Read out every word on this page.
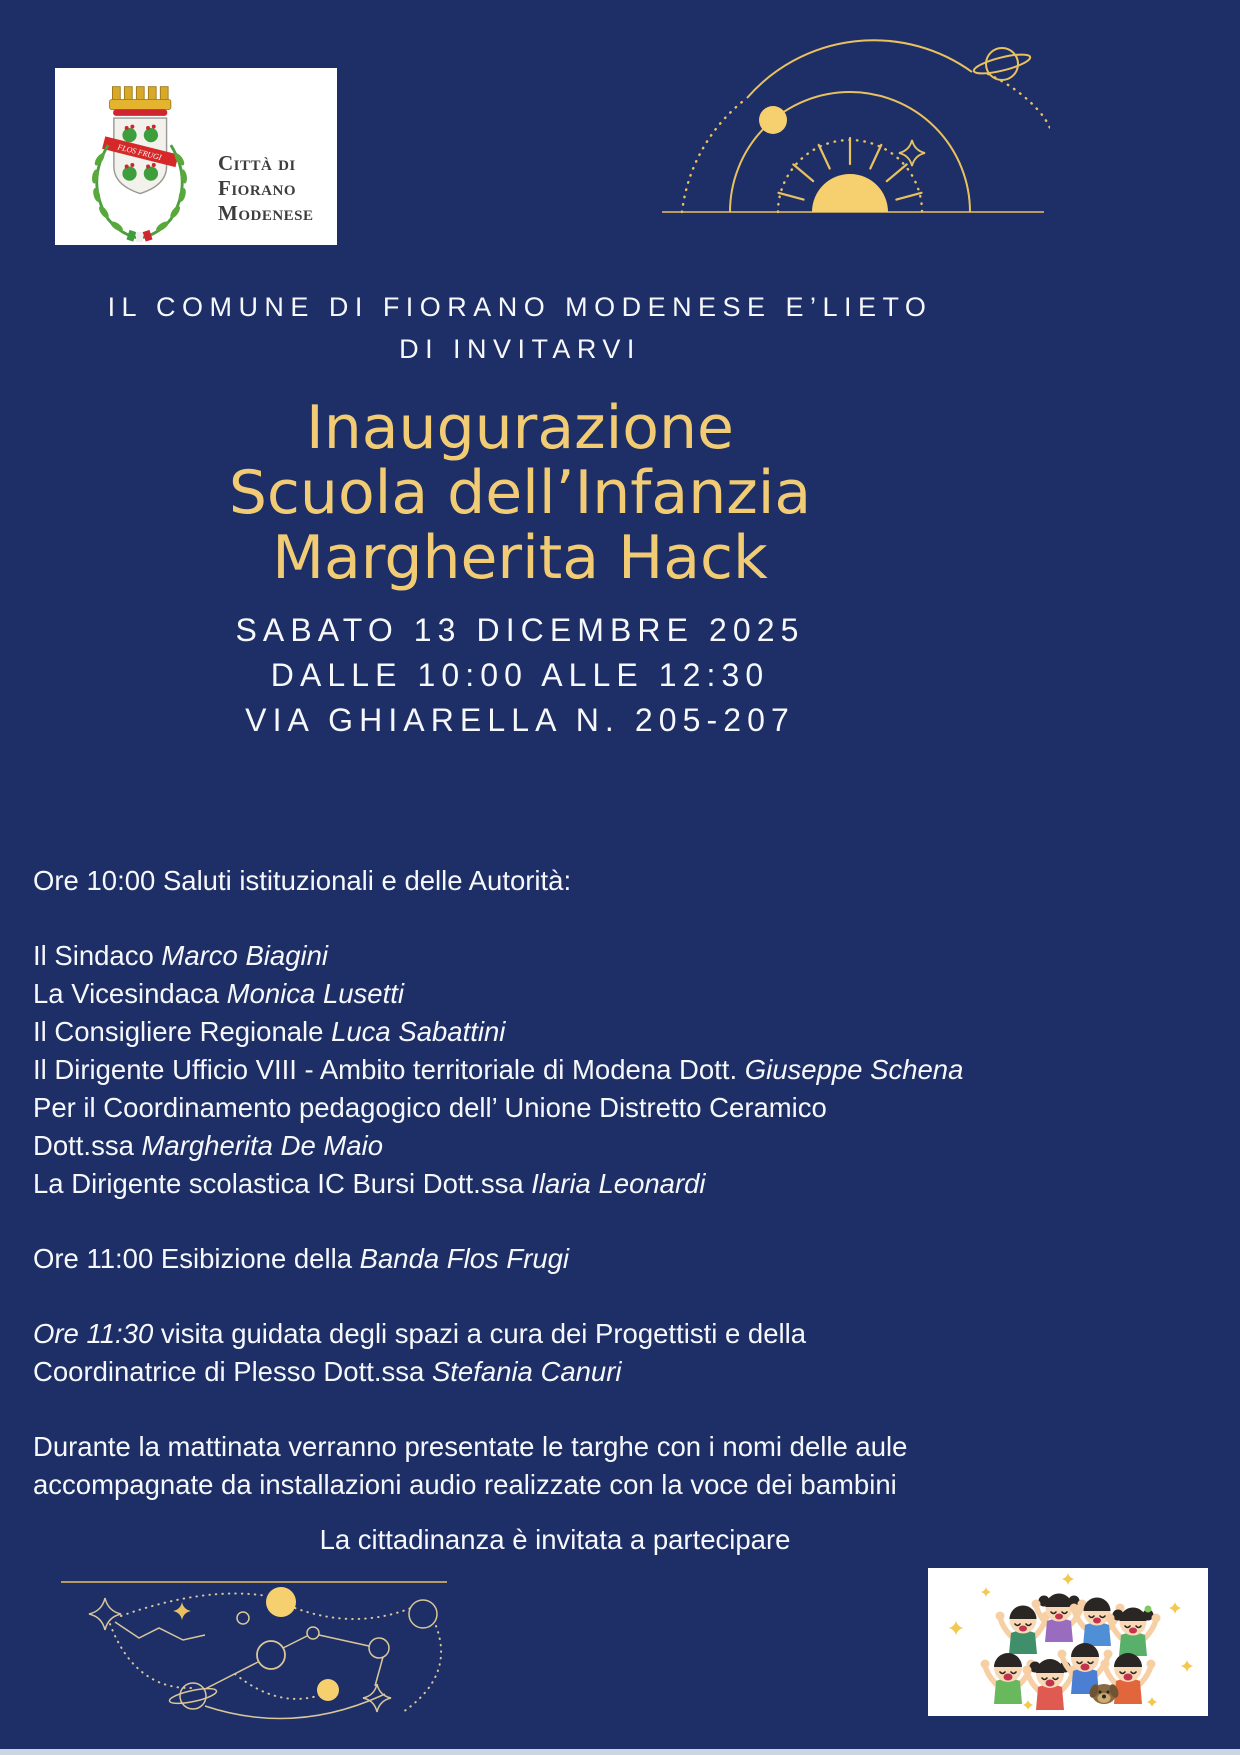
FLOS FRUGI	Città di
Fiorano
Modenese
IL COMUNE DI FIORANO MODENESE E’LIETO
DI INVITARVI
Inaugurazione
Scuola dell’Infanzia
Margherita Hack
SABATO 13 DICEMBRE 2025
DALLE 10:00 ALLE 12:30
VIA GHIARELLA N. 205-207
Ore 10:00 Saluti istituzionali e delle Autorità:
Il Sindaco Marco Biagini
La Vicesindaca Monica Lusetti
Il Consigliere Regionale Luca Sabattini
Il Dirigente Ufficio VIII - Ambito territoriale di Modena Dott. Giuseppe Schena
Per il Coordinamento pedagogico dell’ Unione Distretto Ceramico
Dott.ssa Margherita De Maio
La Dirigente scolastica IC Bursi Dott.ssa Ilaria Leonardi
Ore 11:00 Esibizione della Banda Flos Frugi
Ore 11:30 visita guidata degli spazi a cura dei Progettisti e della
Coordinatrice di Plesso Dott.ssa Stefania Canuri
Durante la mattinata verranno presentate le targhe con i nomi delle aule
accompagnate da installazioni audio realizzate con la voce dei bambini
La cittadinanza è invitata a partecipare
